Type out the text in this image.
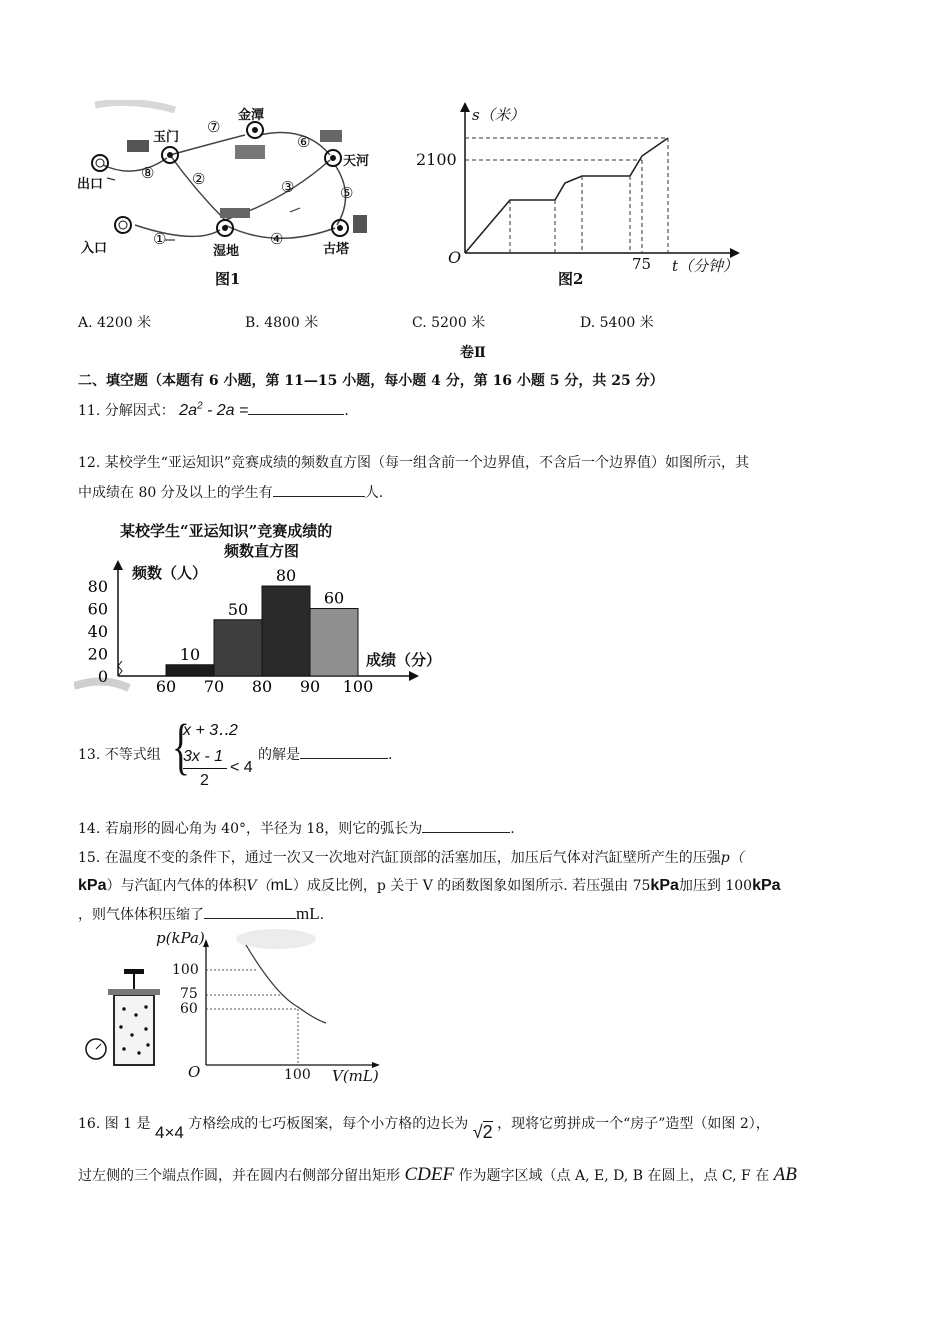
玉门
金潭
天河
出口
入口	湿地	古塔
①
②	③
④
⑤
⑥
⑦
⑧
图1
s（米）
2100
O	75 t（分钟）
图2
A. 4200 米	B. 4800 米	C. 5200 米	D. 5400 米
卷Ⅱ
二、填空题（本题有 6 小题，第 11—15 小题，每小题 4 分，第 16 小题 5 分，共 25 分）
11. 分解因式： $2a^2 - 2a$ =	.
12. 某校学生“亚运知识”竞赛成绩的频数直方图（每一组含前一个边界值，不含后一个边界值）如图所示，其
中成绩在 80 分及以上的学生有	人.
某校学生“亚运知识”竞赛成绩的
频数直方图
60 70 80 90 100
0
20
40
60
80
10
50
80
60
频数（人）
成绩（分）
13. 不等式组 {
x + 3‥2
3x - 1
2
< 4
的解是	.
14. 若扇形的圆心角为 40°，半径为 18，则它的弧长为	.
15. 在温度不变的条件下，通过一次又一次地对汽缸顶部的活塞加压，加压后气体对汽缸壁所产生的压强p（
kPa）与汽缸内气体的体积V（mL）成反比例，p 关于 V 的函数图象如图所示. 若压强由 75kPa加压到 100kPa
，则气体体积压缩了	mL.
p(kPa)
100
75
60
O	100 V(mL)
16. 图 1 是 4×4 方格绘成的七巧板图案，每个小方格的边长为 √2 ，现将它剪拼成一个“房子”造型（如图 2），
过左侧的三个端点作圆，并在圆内右侧部分留出矩形 CDEF 作为题字区域（点 A, E, D, B 在圆上，点 C, F 在 AB
